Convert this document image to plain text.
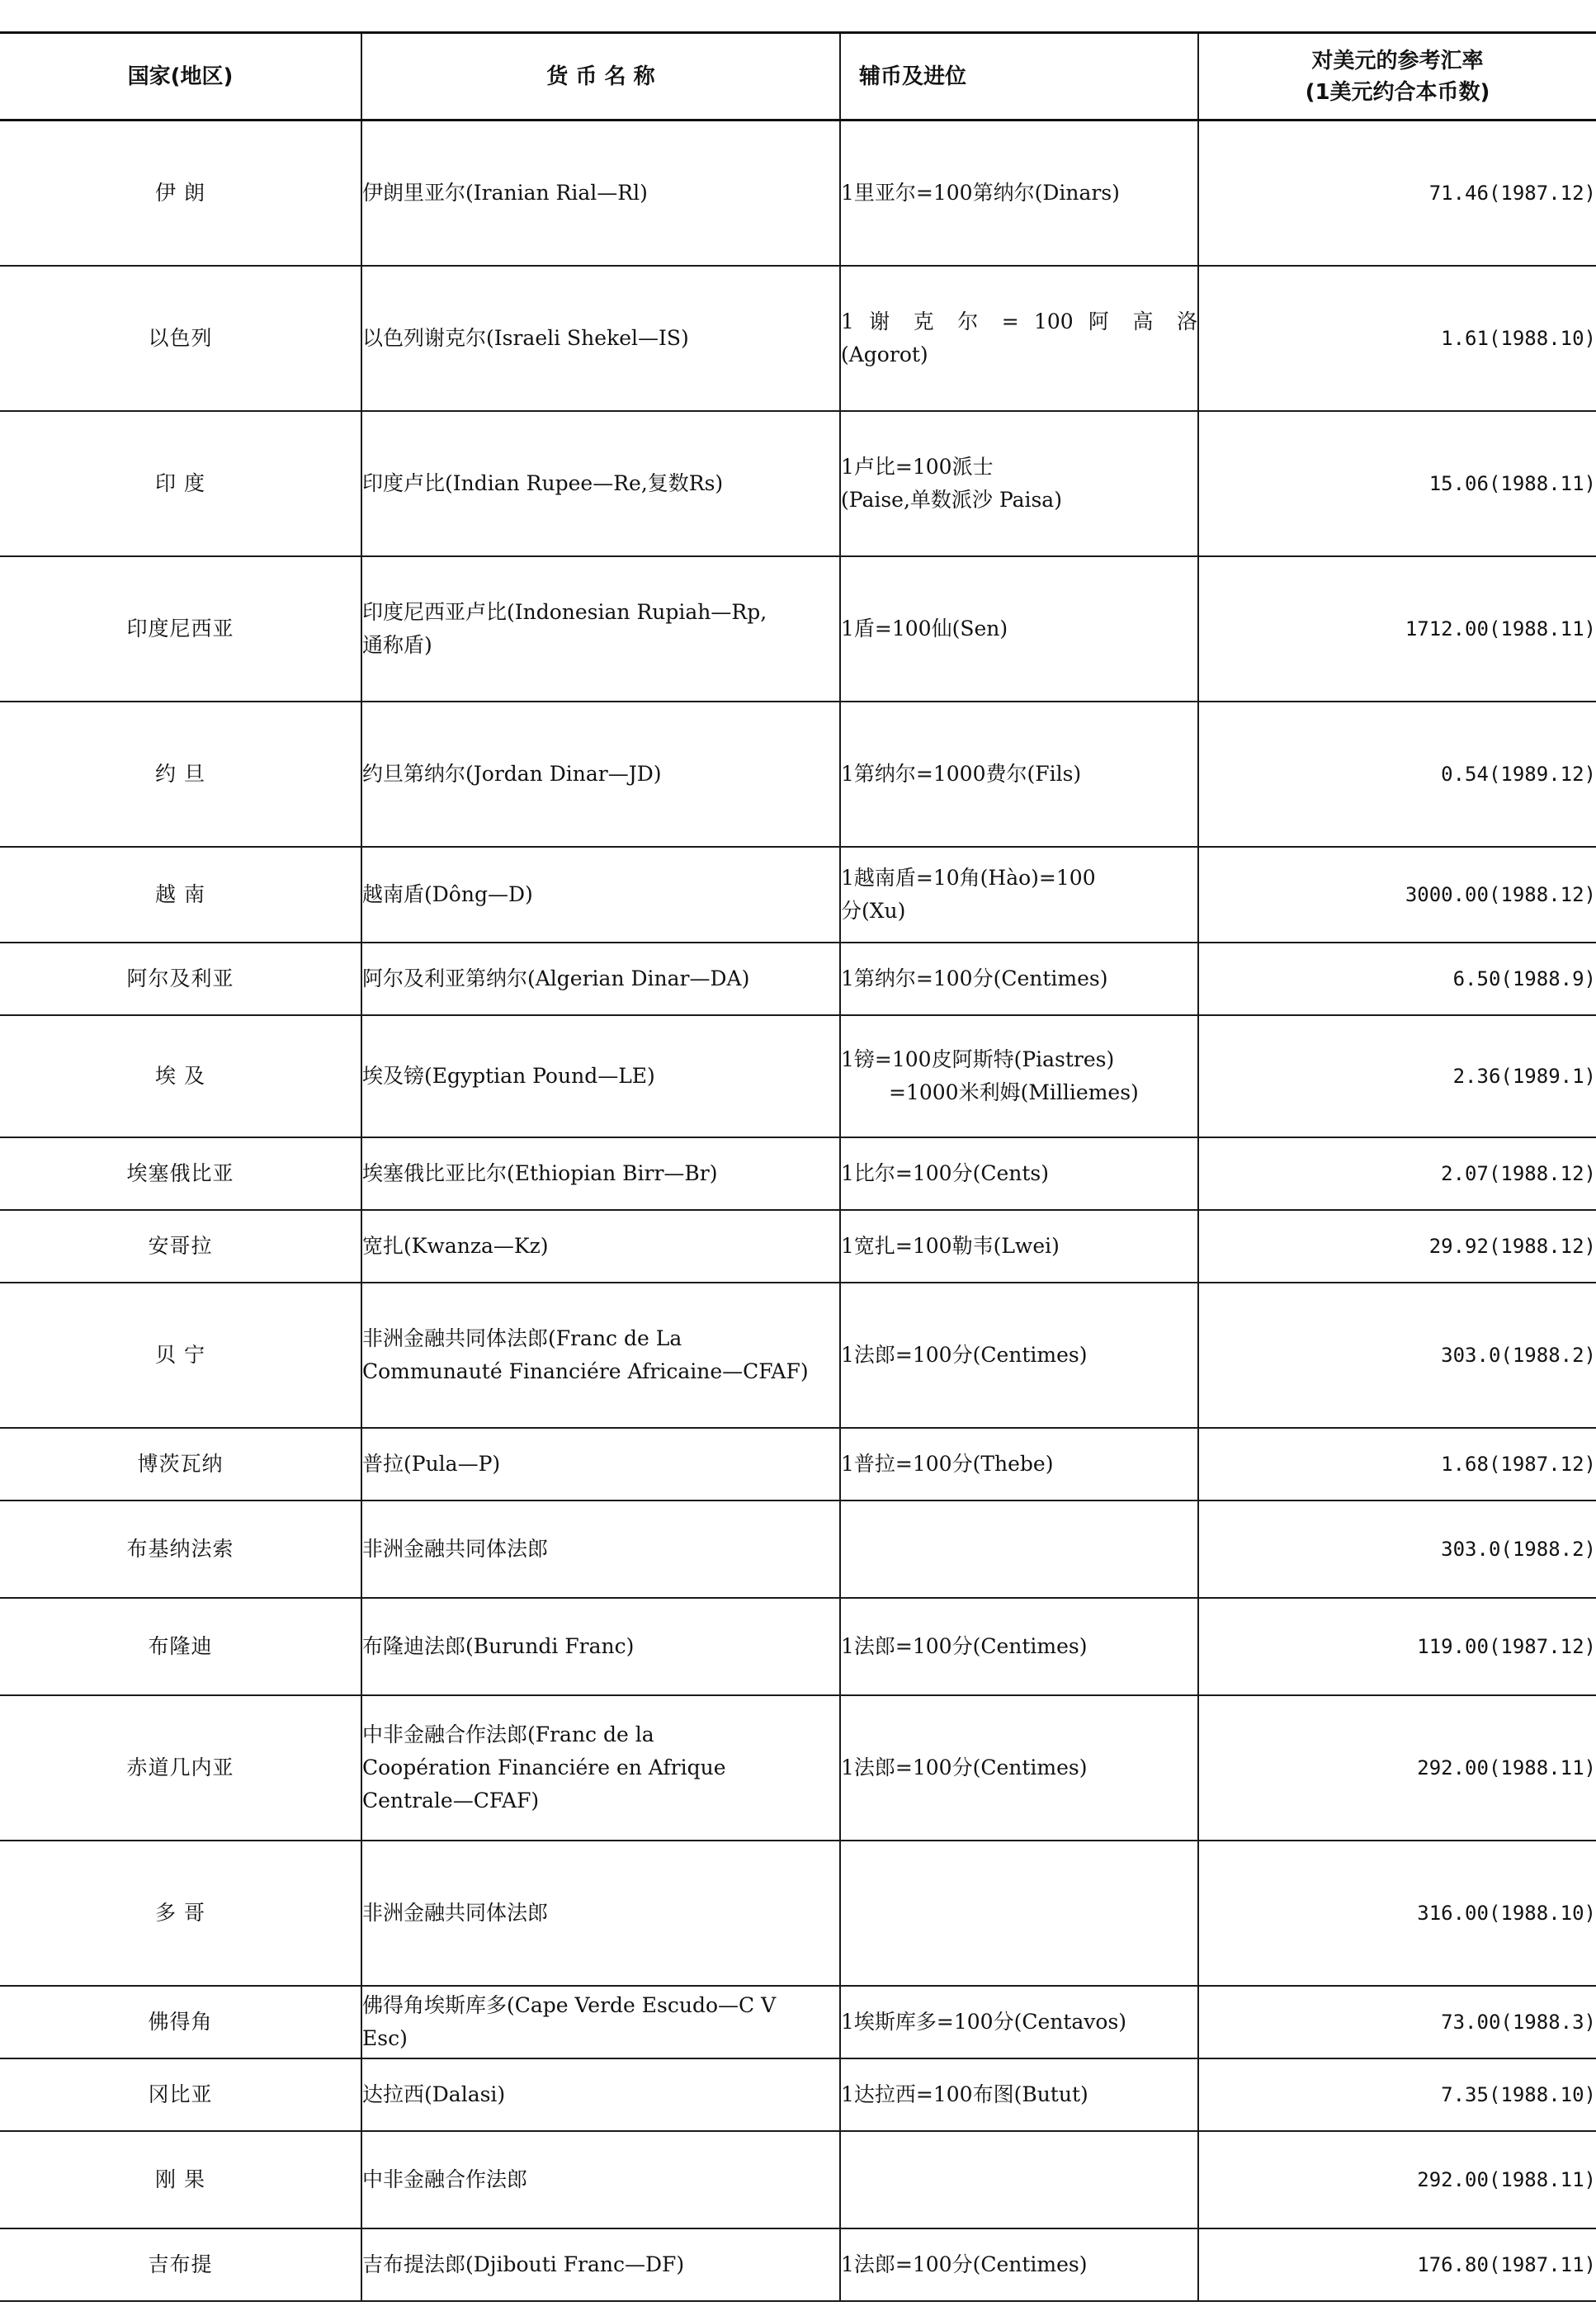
国家(地区)	货 币 名 称	辅币及进位	对美元的参考汇率
(1美元约合本币数)

伊 朗	伊朗里亚尔(Iranian Rial—Rl)	1里亚尔=100第纳尔(Dinars)	71.46(1987.12)
以色列	以色列谢克尔(Israeli Shekel—IS)	1 谢 克 尔 = 100 阿 高 洛
(Agorot)	1.61(1988.10)
印 度	印度卢比(Indian Rupee—Re,复数Rs)	1卢比=100派士
(Paise,单数派沙 Paisa)	15.06(1988.11)
印度尼西亚	印度尼西亚卢比(Indonesian Rupiah—Rp,
通称盾)	1盾=100仙(Sen)	1712.00(1988.11)
约 旦	约旦第纳尔(Jordan Dinar—JD)	1第纳尔=1000费尔(Fils)	0.54(1989.12)
越 南	越南盾(Dông—D)	1越南盾=10角(Hào)=100
分(Xu)	3000.00(1988.12)
阿尔及利亚	阿尔及利亚第纳尔(Algerian Dinar—DA)	1第纳尔=100分(Centimes)	6.50(1988.9)
埃 及	埃及镑(Egyptian Pound—LE)	1镑=100皮阿斯特(Piastres)
=1000米利姆(Milliemes)	2.36(1989.1)
埃塞俄比亚	埃塞俄比亚比尔(Ethiopian Birr—Br)	1比尔=100分(Cents)	2.07(1988.12)
安哥拉	宽扎(Kwanza—Kz)	1宽扎=100勒韦(Lwei)	29.92(1988.12)
贝 宁	非洲金融共同体法郎(Franc de La
Communauté Financiére Africaine—CFAF)	1法郎=100分(Centimes)	303.0(1988.2)
博茨瓦纳	普拉(Pula—P)	1普拉=100分(Thebe)	1.68(1987.12)
布基纳法索	非洲金融共同体法郎		303.0(1988.2)
布隆迪	布隆迪法郎(Burundi Franc)	1法郎=100分(Centimes)	119.00(1987.12)
赤道几内亚	中非金融合作法郎(Franc de la
Coopération Financiére en Afrique
Centrale—CFAF)	1法郎=100分(Centimes)	292.00(1988.11)
多 哥	非洲金融共同体法郎		316.00(1988.10)
佛得角	佛得角埃斯库多(Cape Verde Escudo—C V
Esc)	1埃斯库多=100分(Centavos)	73.00(1988.3)
冈比亚	达拉西(Dalasi)	1达拉西=100布图(Butut)	7.35(1988.10)
刚 果	中非金融合作法郎		292.00(1988.11)
吉布提	吉布提法郎(Djibouti Franc—DF)	1法郎=100分(Centimes)	176.80(1987.11)
